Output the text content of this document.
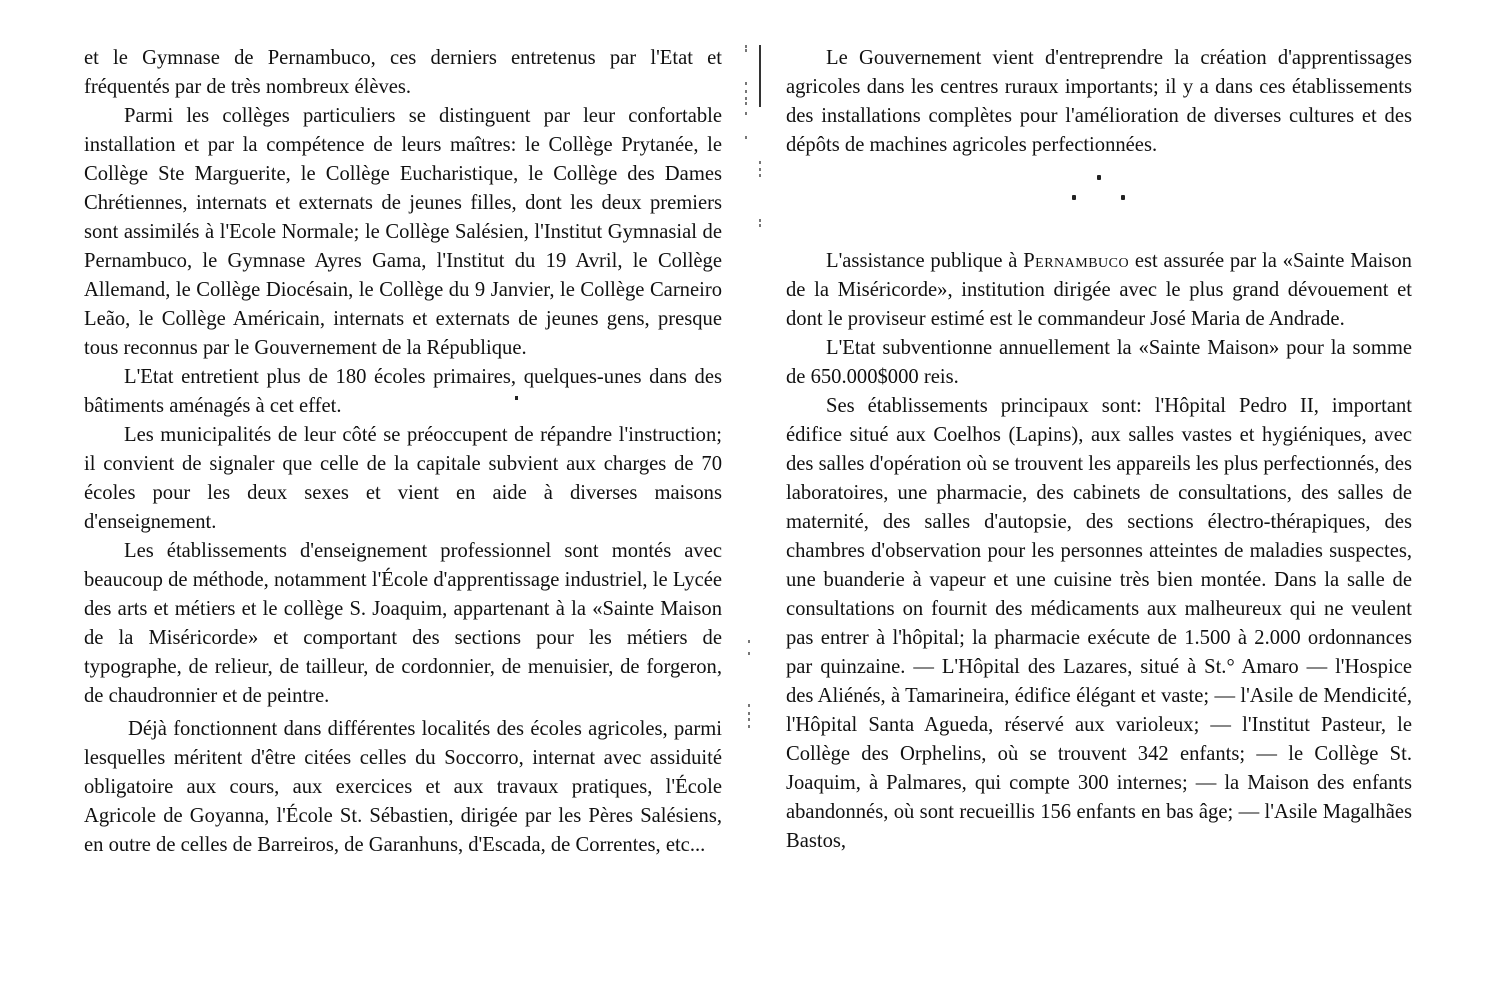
et le Gymnase de Pernambuco, ces derniers entretenus par l'Etat et fréquentés par de très nombreux élèves.

Parmi les collèges particuliers se distinguent par leur confortable installation et par la compétence de leurs maîtres: le Collège Prytanée, le Collège Ste Marguerite, le Collège Eucharistique, le Collège des Dames Chrétiennes, internats et externats de jeunes filles, dont les deux premiers sont assimilés à l'Ecole Normale; le Collège Salésien, l'Institut Gymnasial de Pernambuco, le Gymnase Ayres Gama, l'Institut du 19 Avril, le Collège Allemand, le Collège Diocésain, le Collège du 9 Janvier, le Collège Carneiro Leão, le Collège Américain, internats et externats de jeunes gens, presque tous reconnus par le Gouvernement de la République.

L'Etat entretient plus de 180 écoles primaires, quelques-unes dans des bâtiments aménagés à cet effet.

Les municipalités de leur côté se préoccupent de répandre l'instruction; il convient de signaler que celle de la capitale subvient aux charges de 70 écoles pour les deux sexes et vient en aide à diverses maisons d'enseignement.

Les établissements d'enseignement professionnel sont montés avec beaucoup de méthode, notamment l'École d'apprentissage industriel, le Lycée des arts et métiers et le collège S. Joaquim, appartenant à la «Sainte Maison de la Miséricorde» et comportant des sections pour les métiers de typographe, de relieur, de tailleur, de cordonnier, de menuisier, de forgeron, de chaudronnier et de peintre.

Déjà fonctionnent dans différentes localités des écoles agricoles, parmi lesquelles méritent d'être citées celles du Soccorro, internat avec assiduité obligatoire aux cours, aux exercices et aux travaux pratiques, l'École Agricole de Goyanna, l'École St. Sébastien, dirigée par les Pères Salésiens, en outre de celles de Barreiros, de Garanhuns, d'Escada, de Correntes, etc...

Le Gouvernement vient d'entreprendre la création d'apprentissages agricoles dans les centres ruraux importants; il y a dans ces établissements des installations complètes pour l'amélioration de diverses cultures et des dépôts de machines agricoles perfectionnées.

L'assistance publique à Pernambuco est assurée par la «Sainte Maison de la Miséricorde», institution dirigée avec le plus grand dévouement et dont le proviseur estimé est le commandeur José Maria de Andrade.

L'Etat subventionne annuellement la «Sainte Maison» pour la somme de 650.000$000 reis.

Ses établissements principaux sont: l'Hôpital Pedro II, important édifice situé aux Coelhos (Lapins), aux salles vastes et hygiéniques, avec des salles d'opération où se trouvent les appareils les plus perfectionnés, des laboratoires, une pharmacie, des cabinets de consultations, des salles de maternité, des salles d'autopsie, des sections électro-thérapiques, des chambres d'observation pour les personnes atteintes de maladies suspectes, une buanderie à vapeur et une cuisine très bien montée. Dans la salle de consultations on fournit des médicaments aux malheureux qui ne veulent pas entrer à l'hôpital; la pharmacie exécute de 1.500 à 2.000 ordonnances par quinzaine. — L'Hôpital des Lazares, situé à St.° Amaro — l'Hospice des Aliénés, à Tamarineira, édifice élégant et vaste; — l'Asile de Mendicité, l'Hôpital Santa Agueda, réservé aux varioleux; — l'Institut Pasteur, le Collège des Orphelins, où se trouvent 342 enfants; — le Collège St. Joaquim, à Palmares, qui compte 300 internes; — la Maison des enfants abandonnés, où sont recueillis 156 enfants en bas âge; — l'Asile Magalhães Bastos,
